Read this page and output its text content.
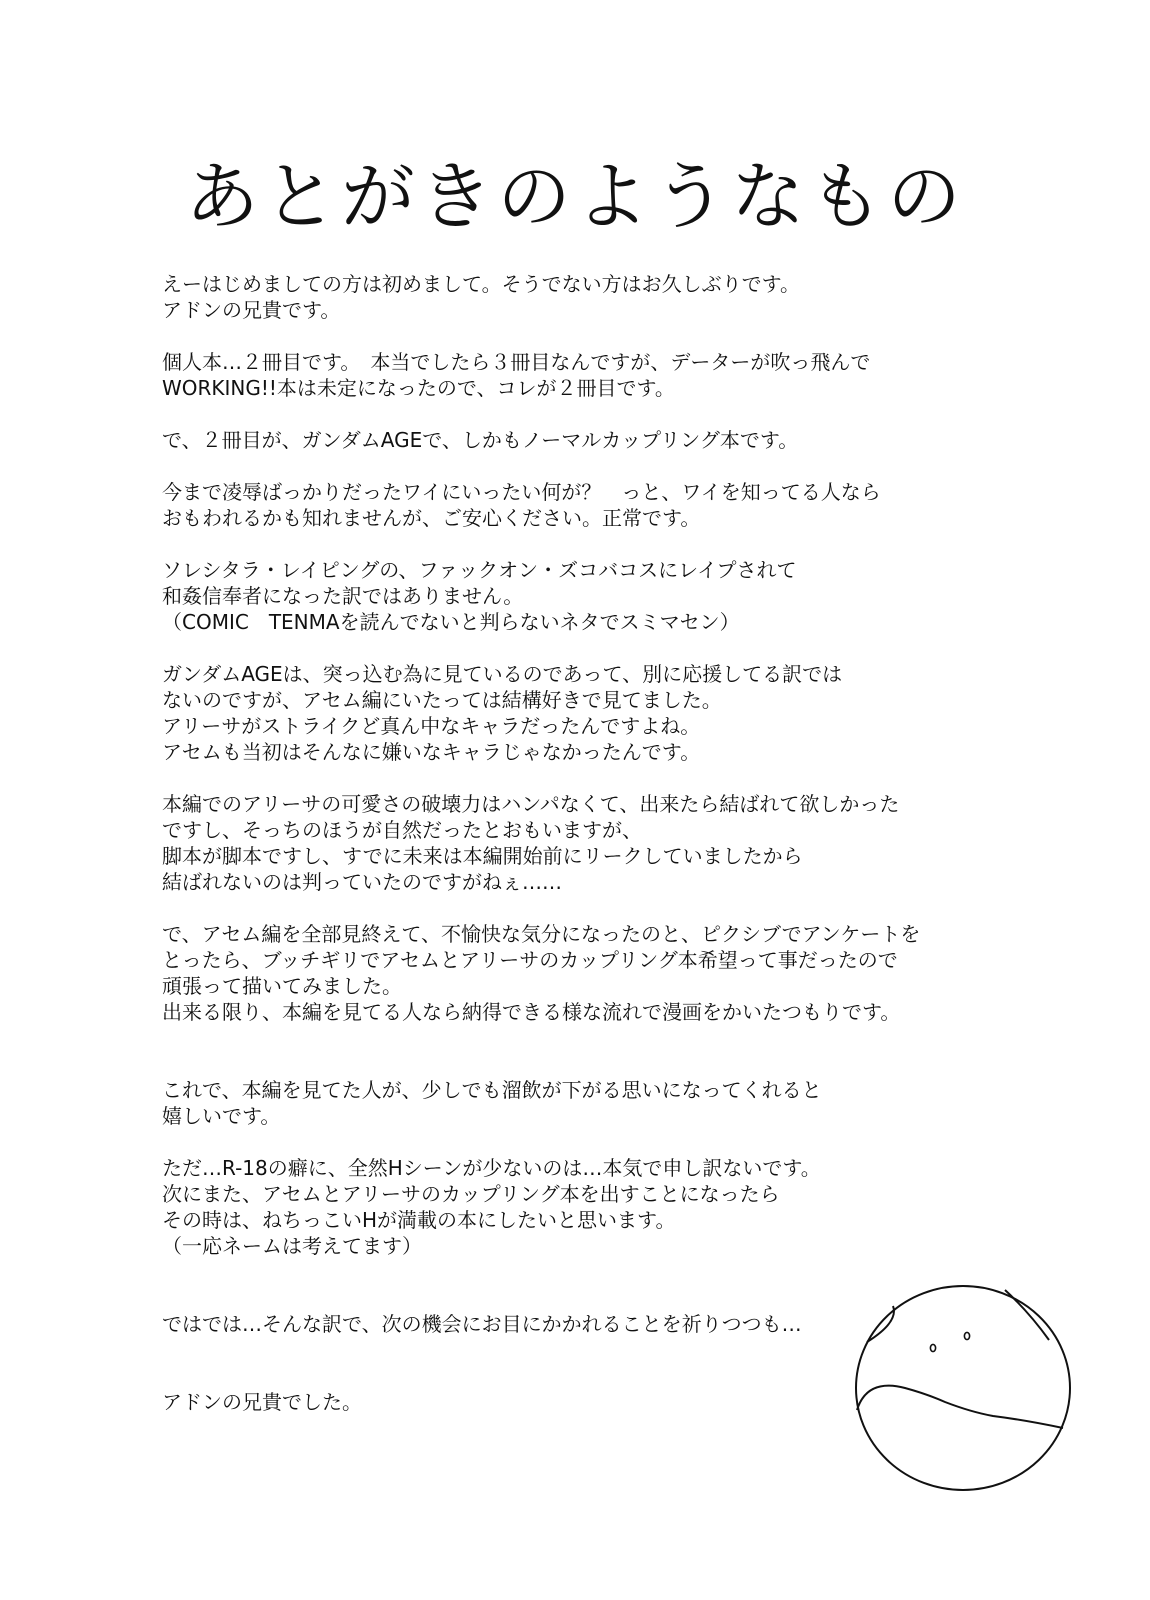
あとがきのようなもの
えーはじめましての方は初めまして。そうでない方はお久しぶりです。
アドンの兄貴です。
個人本…２冊目です。　本当でしたら３冊目なんですが、データーが吹っ飛んで
WORKING!!本は未定になったので、コレが２冊目です。
で、２冊目が、ガンダムAGEで、しかもノーマルカップリング本です。
今まで凌辱ばっかりだったワイにいったい何が？　っと、ワイを知ってる人なら
おもわれるかも知れませんが、ご安心ください。正常です。
ソレシタラ・レイピングの、ファックオン・ズコバコスにレイプされて
和姦信奉者になった訳ではありません。
（COMIC　TENMAを読んでないと判らないネタでスミマセン）
ガンダムAGEは、突っ込む為に見ているのであって、別に応援してる訳では
ないのですが、アセム編にいたっては結構好きで見てました。
アリーサがストライクど真ん中なキャラだったんですよね。
アセムも当初はそんなに嫌いなキャラじゃなかったんです。
本編でのアリーサの可愛さの破壊力はハンパなくて、出来たら結ばれて欲しかった
ですし、そっちのほうが自然だったとおもいますが、
脚本が脚本ですし、すでに未来は本編開始前にリークしていましたから
結ばれないのは判っていたのですがねぇ……
で、アセム編を全部見終えて、不愉快な気分になったのと、ピクシブでアンケートを
とったら、ブッチギリでアセムとアリーサのカップリング本希望って事だったので
頑張って描いてみました。
出来る限り、本編を見てる人なら納得できる様な流れで漫画をかいたつもりです。
これで、本編を見てた人が、少しでも溜飲が下がる思いになってくれると
嬉しいです。
ただ…R-18の癖に、全然Hシーンが少ないのは…本気で申し訳ないです。
次にまた、アセムとアリーサのカップリング本を出すことになったら
その時は、ねちっこいHが満載の本にしたいと思います。
（一応ネームは考えてます）
ではでは…そんな訳で、次の機会にお目にかかれることを祈りつつも…
アドンの兄貴でした。
